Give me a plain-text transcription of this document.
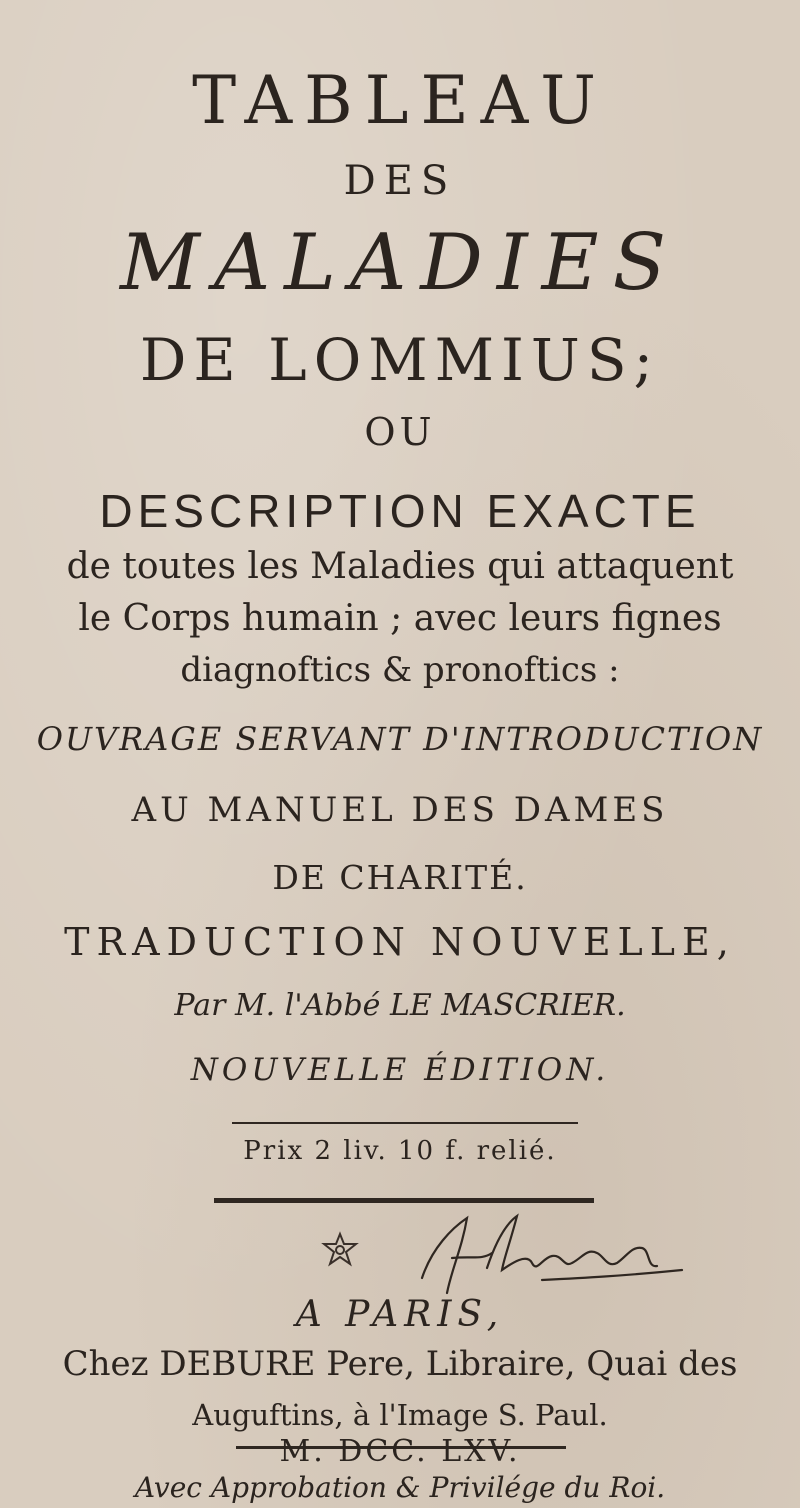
TABLEAU
DES
MALADIES
DE LOMMIUS;
OU
DESCRIPTION EXACTE
de toutes les Maladies qui attaquent
le Corps humain ; avec leurs fignes
diagnoftics & pronoftics :
OUVRAGE SERVANT D'INTRODUCTION
AU MANUEL DES DAMES
DE CHARITÉ.
TRADUCTION NOUVELLE,
Par M. l'Abbé LE MASCRIER.
NOUVELLE ÉDITION.
Prix 2 liv. 10 f. relié.
A PARIS,
Chez DEBURE Pere, Libraire, Quai des
Auguftins, à l'Image S. Paul.
M. DCC. LXV.
Avec Approbation & Privilége du Roi.
